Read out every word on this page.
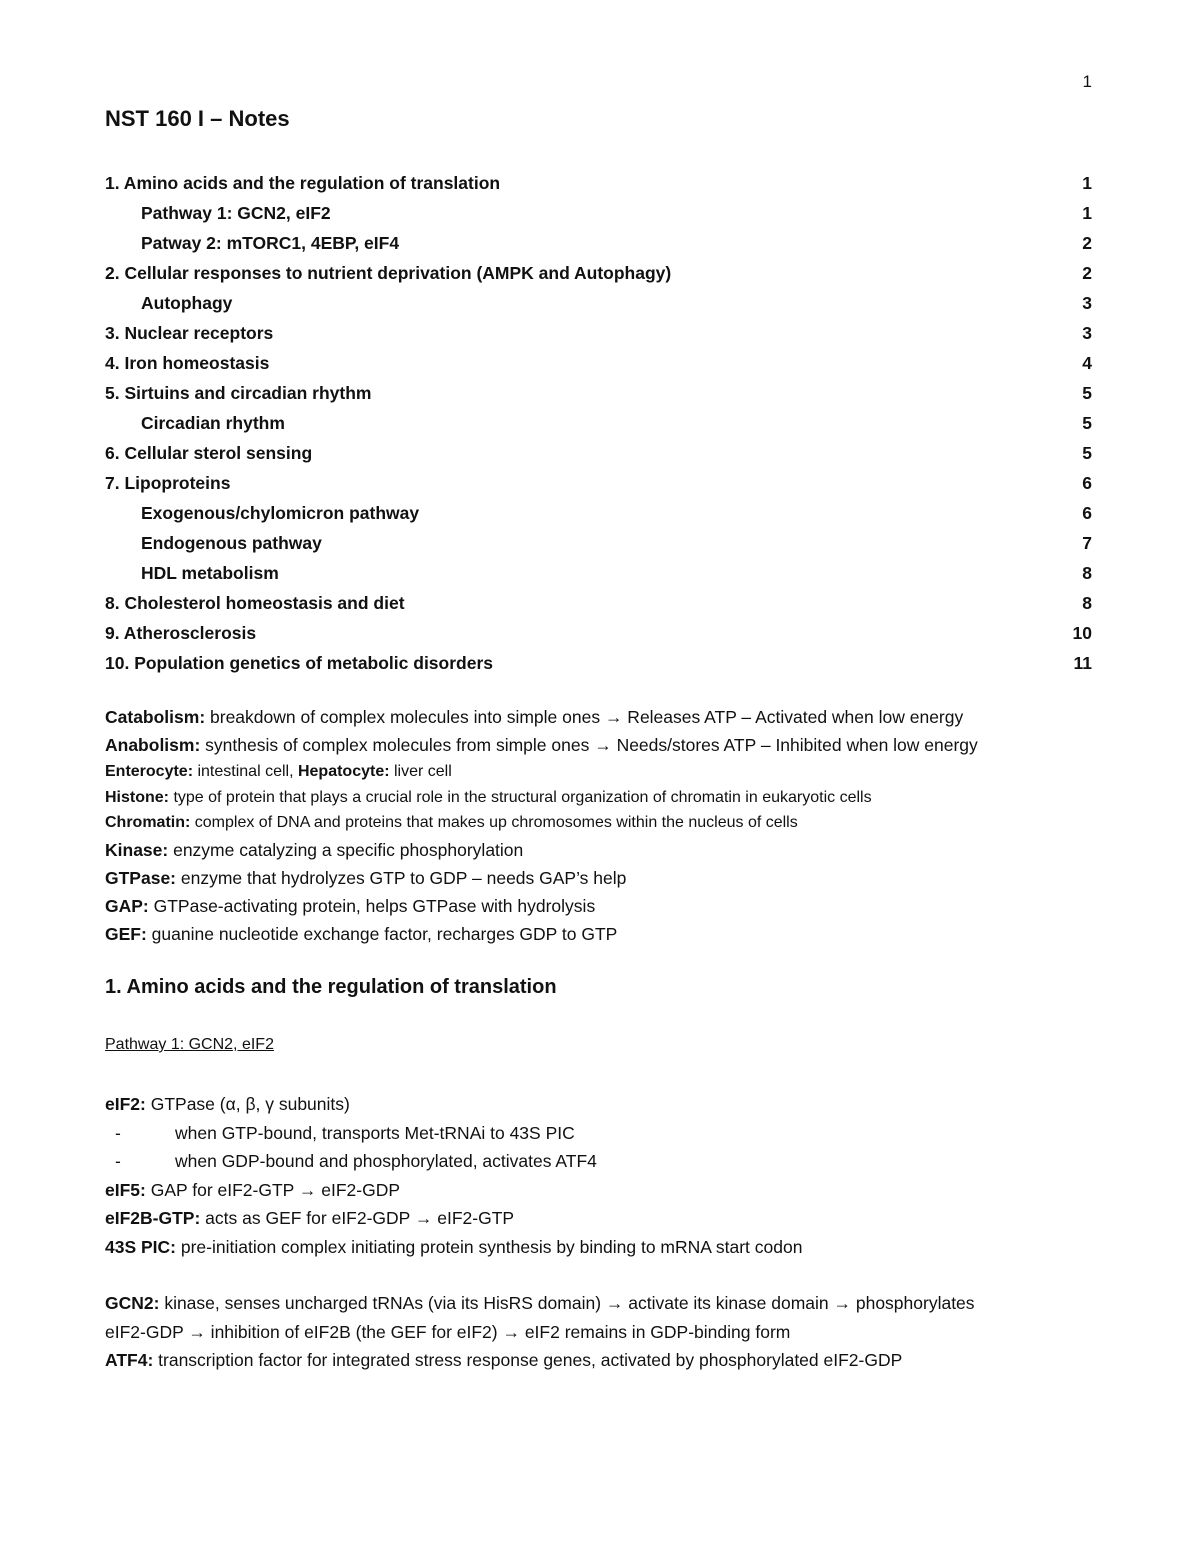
1
NST 160 I – Notes
1. Amino acids and the regulation of translation	1
Pathway 1: GCN2, eIF2	1
Patway 2: mTORC1, 4EBP, eIF4	2
2. Cellular responses to nutrient deprivation (AMPK and Autophagy)	2
Autophagy	3
3. Nuclear receptors	3
4. Iron homeostasis	4
5. Sirtuins and circadian rhythm	5
Circadian rhythm	5
6. Cellular sterol sensing	5
7. Lipoproteins	6
Exogenous/chylomicron pathway	6
Endogenous pathway	7
HDL metabolism	8
8. Cholesterol homeostasis and diet	8
9. Atherosclerosis	10
10. Population genetics of metabolic disorders	11
Catabolism: breakdown of complex molecules into simple ones → Releases ATP – Activated when low energy
Anabolism: synthesis of complex molecules from simple ones → Needs/stores ATP – Inhibited when low energy
Enterocyte: intestinal cell, Hepatocyte: liver cell
Histone: type of protein that plays a crucial role in the structural organization of chromatin in eukaryotic cells
Chromatin: complex of DNA and proteins that makes up chromosomes within the nucleus of cells
Kinase: enzyme catalyzing a specific phosphorylation
GTPase: enzyme that hydrolyzes GTP to GDP – needs GAP’s help
GAP: GTPase-activating protein, helps GTPase with hydrolysis
GEF: guanine nucleotide exchange factor, recharges GDP to GTP
1. Amino acids and the regulation of translation
Pathway 1: GCN2, eIF2
eIF2: GTPase (α, β, γ subunits)
-	when GTP-bound, transports Met-tRNAi to 43S PIC
-	when GDP-bound and phosphorylated, activates ATF4
eIF5: GAP for eIF2-GTP → eIF2-GDP
eIF2B-GTP: acts as GEF for eIF2-GDP → eIF2-GTP
43S PIC: pre-initiation complex initiating protein synthesis by binding to mRNA start codon
GCN2: kinase, senses uncharged tRNAs (via its HisRS domain) → activate its kinase domain → phosphorylates
eIF2-GDP → inhibition of eIF2B (the GEF for eIF2) → eIF2 remains in GDP-binding form
ATF4: transcription factor for integrated stress response genes, activated by phosphorylated eIF2-GDP
